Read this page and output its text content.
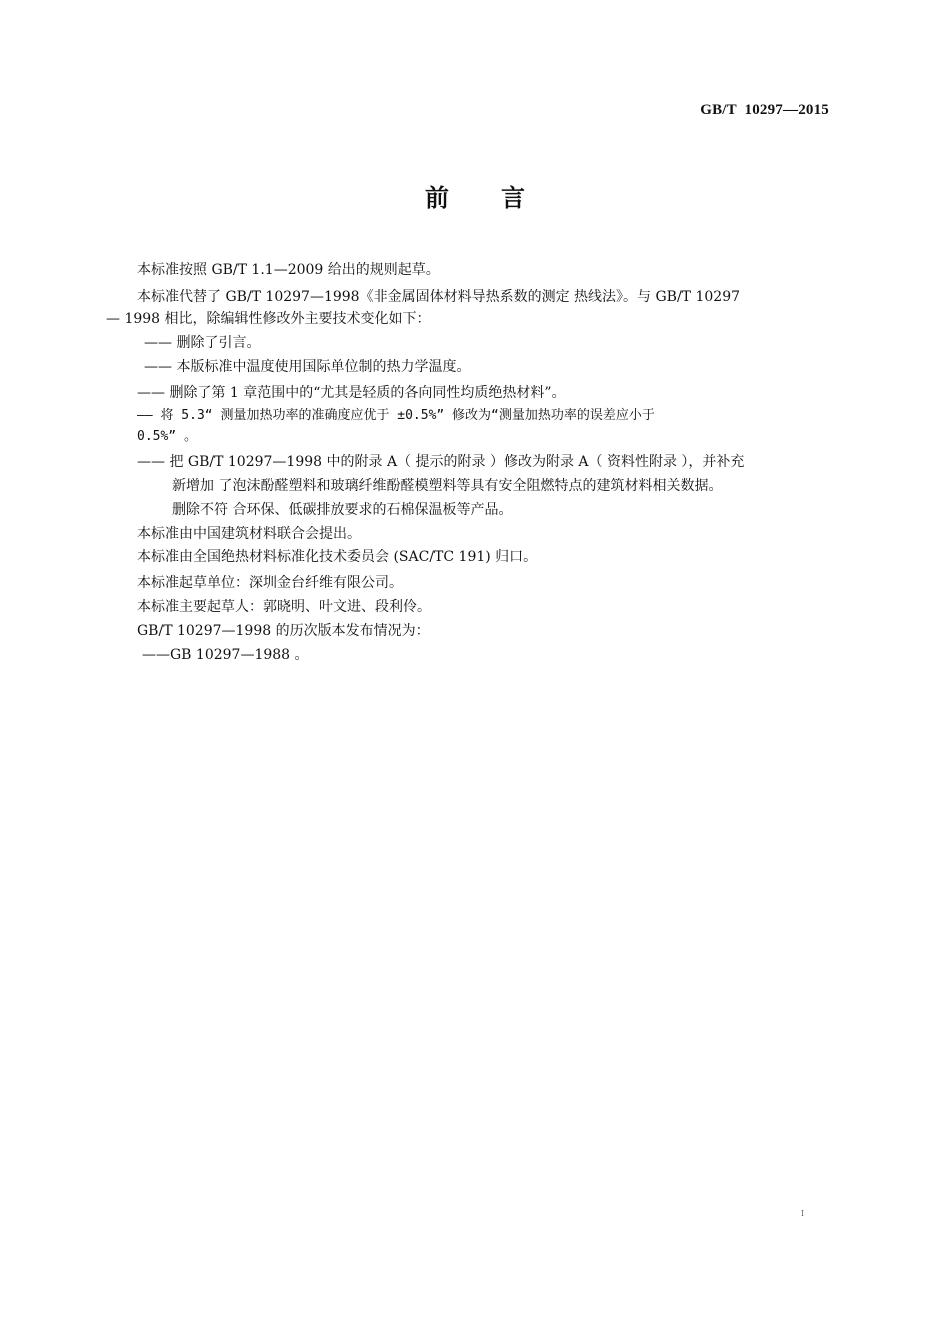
GB/T  10297—2015
前 言
本标准按照 GB/T 1.1—2009 给出的规则起草。
本标准代替了 GB/T 10297—1998《非金属固体材料导热系数的测定 热线法》。与 GB/T 10297
— 1998 相比，除编辑性修改外主要技术变化如下：
—— 删除了引言。
—— 本版标准中温度使用国际单位制的热力学温度。
—— 删除了第 1 章范围中的“尤其是轻质的各向同性均质绝热材料”。
—— 将 5.3“ 测量加热功率的准确度应优于 ±0.5%” 修改为“测量加热功率的误差应小于
0.5%” 。
—— 把 GB/T 10297—1998 中的附录 A（ 提示的附录 ）修改为附录 A（ 资料性附录 ），并补充
新增加 了泡沫酚醛塑料和玻璃纤维酚醛模塑料等具有安全阻燃特点的建筑材料相关数据。
删除不符 合环保、低碳排放要求的石棉保温板等产品。
本标准由中国建筑材料联合会提出。
本标准由全国绝热材料标准化技术委员会 (SAC/TC 191) 归口。
本标准起草单位：深圳金台纤维有限公司。
本标准主要起草人：郭晓明、叶文进、段利伶。
GB/T 10297—1998 的历次版本发布情况为：
——GB 10297—1988 。
I
